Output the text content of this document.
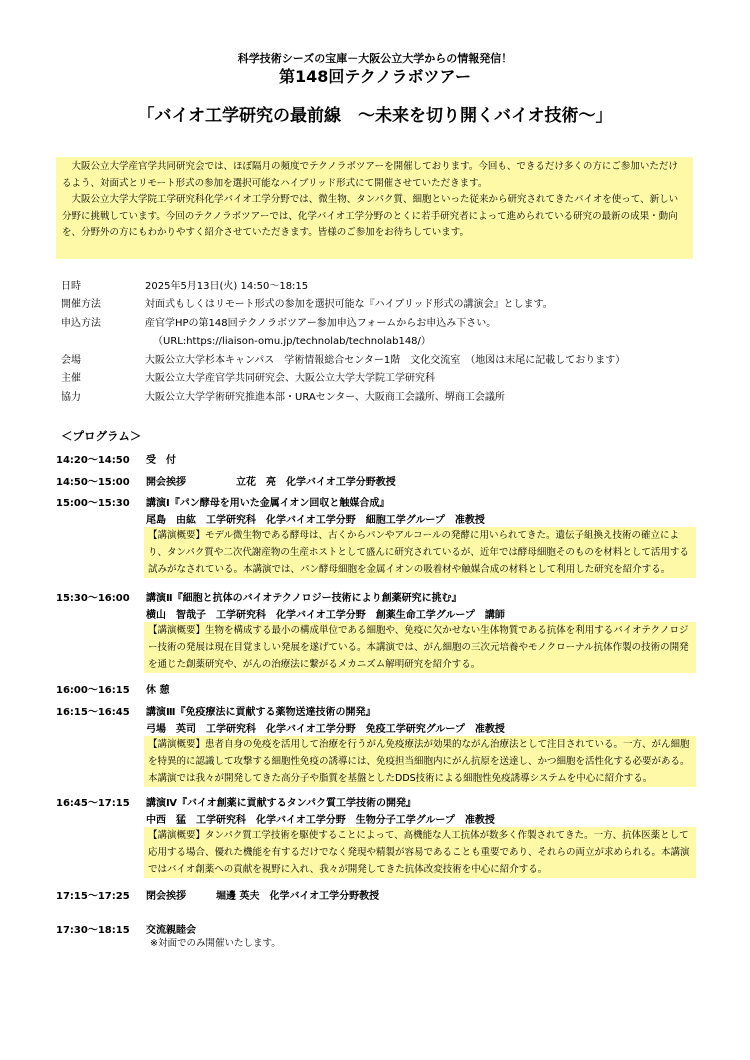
科学技術シーズの宝庫－大阪公立大学からの情報発信！
第148回テクノラボツアー
「バイオ工学研究の最前線　～未来を切り開くバイオ技術～」

大阪公立大学産官学共同研究会では、ほぼ隔月の頻度でテクノラボツアーを開催しております。今回も、できるだけ多くの方にご参加いただけるよう、対面式とリモート形式の参加を選択可能なハイブリッド形式にて開催させていただきます。

大阪公立大学大学院工学研究科化学バイオ工学分野では、微生物、タンパク質、細胞といった従来から研究されてきたバイオを使って、新しい分野に挑戦しています。今回のテクノラボツアーでは、化学バイオ工学分野のとくに若手研究者によって進められている研究の最新の成果・動向を、分野外の方にもわかりやすく紹介させていただきます。皆様のご参加をお待ちしています。

日時	2025年5月13日(火) 14:50～18:15
開催方法	対面式もしくはリモート形式の参加を選択可能な『ハイブリッド形式の講演会』とします。
申込方法	産官学HPの第148回テクノラボツアー参加申込フォームからお申込み下さい。
（URL:https://liaison-omu.jp/technolab/technolab148/）
会場	大阪公立大学杉本キャンパス　学術情報総合センター1階　文化交流室　（地図は末尾に記載しております）
主催	大阪公立大学産官学共同研究会、大阪公立大学大学院工学研究科
協力	大阪公立大学学術研究推進本部・URAセンター、大阪商工会議所、堺商工会議所
＜プログラム＞
14:20～14:50	受　付
14:50～15:00	開会挨拶	立花　亮　化学バイオ工学分野教授
15:00～15:30	講演Ⅰ『パン酵母を用いた金属イオン回収と触媒合成』
尾島　由紘　工学研究科　化学バイオ工学分野　細胞工学グループ　准教授
【講演概要】モデル微生物である酵母は、古くからパンやアルコールの発酵に用いられてきた。遺伝子組換え技術の確立により、タンパク質や二次代謝産物の生産ホストとして盛んに研究されているが、近年では酵母細胞そのものを材料として活用する試みがなされている。本講演では、パン酵母細胞を金属イオンの吸着材や触媒合成の材料として利用した研究を紹介する。
15:30～16:00	講演Ⅱ『細胞と抗体のバイオテクノロジー技術により創薬研究に挑む』
横山　智哉子　工学研究科　化学バイオ工学分野　創薬生命工学グループ　講師
【講演概要】生物を構成する最小の構成単位である細胞や、免疫に欠かせない生体物質である抗体を利用するバイオテクノロジー技術の発展は現在目覚ましい発展を遂げている。本講演では、がん細胞の三次元培養やモノクローナル抗体作製の技術の開発を通じた創薬研究や、がんの治療法に繋がるメカニズム解明研究を紹介する。
16:00～16:15	休 憩
16:15～16:45	講演Ⅲ『免疫療法に貢献する薬物送達技術の開発』
弓場　英司　工学研究科　化学バイオ工学分野　免疫工学研究グループ　准教授
【講演概要】患者自身の免疫を活用して治療を行うがん免疫療法が効果的ながん治療法として注目されている。一方、がん細胞を特異的に認識して攻撃する細胞性免疫の誘導には、免疫担当細胞内にがん抗原を送達し、かつ細胞を活性化する必要がある。本講演では我々が開発してきた高分子や脂質を基盤としたDDS技術による細胞性免疫誘導システムを中心に紹介する。
16:45～17:15	講演Ⅳ『バイオ創薬に貢献するタンパク質工学技術の開発』
中西　猛　工学研究科　化学バイオ工学分野　生物分子工学グループ　准教授
【講演概要】タンパク質工学技術を駆使することによって、高機能な人工抗体が数多く作製されてきた。一方、抗体医薬として応用する場合、優れた機能を有するだけでなく発現や精製が容易であることも重要であり、それらの両立が求められる。本講演ではバイオ創薬への貢献を視野に入れ、我々が開発してきた抗体改変技術を中心に紹介する。
17:15～17:25	閉会挨拶	堀邊 英夫　化学バイオ工学分野教授
17:30～18:15	交流親睦会
※対面でのみ開催いたします。
